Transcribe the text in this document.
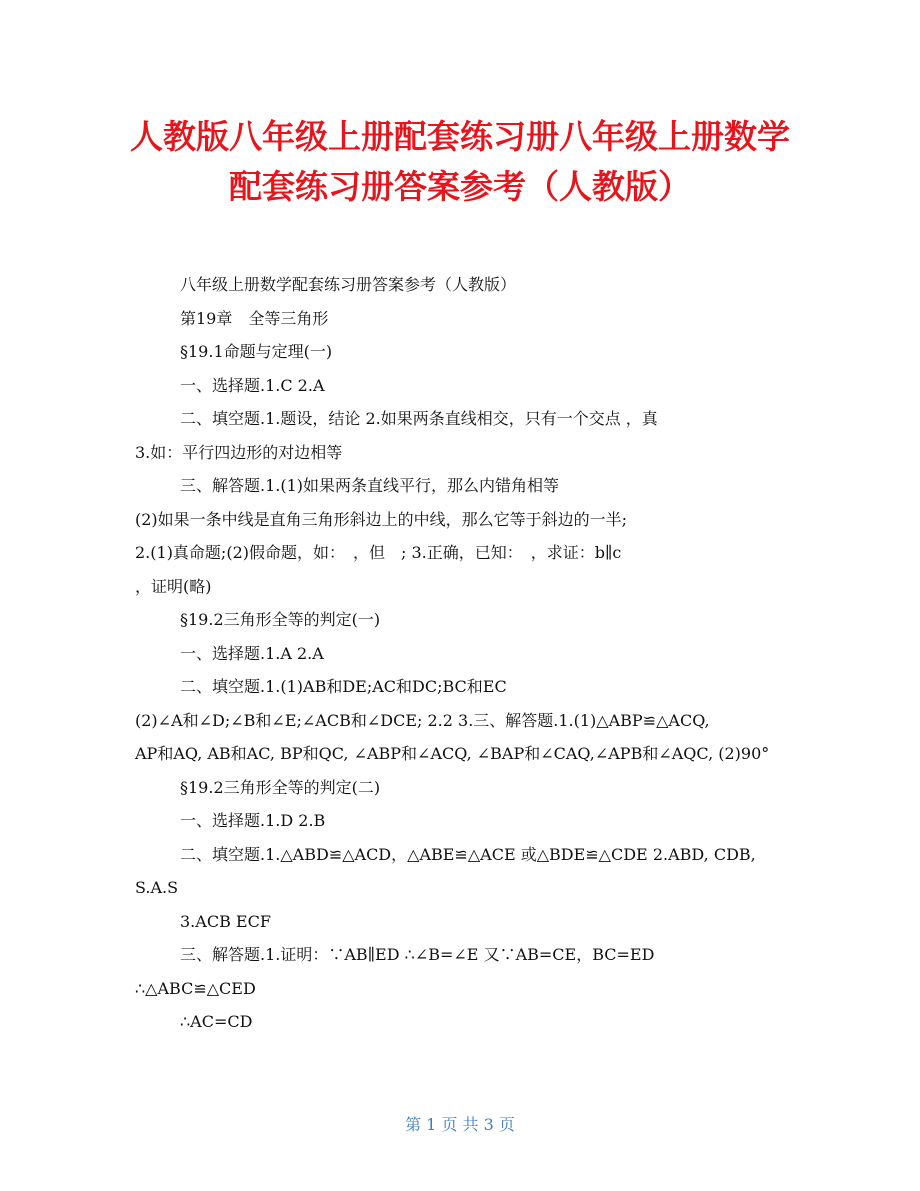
人教版八年级上册配套练习册八年级上册数学
配套练习册答案参考（人教版）
八年级上册数学配套练习册答案参考（人教版）
第19章　全等三角形
§19.1命题与定理(一)
一、选择题.1.C 2.A
二、填空题.1.题设，结论 2.如果两条直线相交，只有一个交点 ，真
3.如：平行四边形的对边相等
三、解答题.1.(1)如果两条直线平行，那么内错角相等
(2)如果一条中线是直角三角形斜边上的中线，那么它等于斜边的一半;
2.(1)真命题;(2)假命题，如：　，但　; 3.正确，已知：　，求证：b∥c
，证明(略)
§19.2三角形全等的判定(一)
一、选择题.1.A 2.A
二、填空题.1.(1)AB和DE;AC和DC;BC和EC
(2)∠A和∠D;∠B和∠E;∠ACB和∠DCE; 2.2 3.三、解答题.1.(1)△ABP≌△ACQ,
AP和AQ, AB和AC, BP和QC, ∠ABP和∠ACQ, ∠BAP和∠CAQ,∠APB和∠AQC, (2)90°
§19.2三角形全等的判定(二)
一、选择题.1.D 2.B
二、填空题.1.△ABD≌△ACD，△ABE≌△ACE 或△BDE≌△CDE 2.ABD, CDB,
S.A.S
3.ACB ECF
三、解答题.1.证明：∵AB∥ED ∴∠B=∠E 又∵AB=CE，BC=ED
∴△ABC≌△CED
∴AC=CD
第 1 页 共 3 页
